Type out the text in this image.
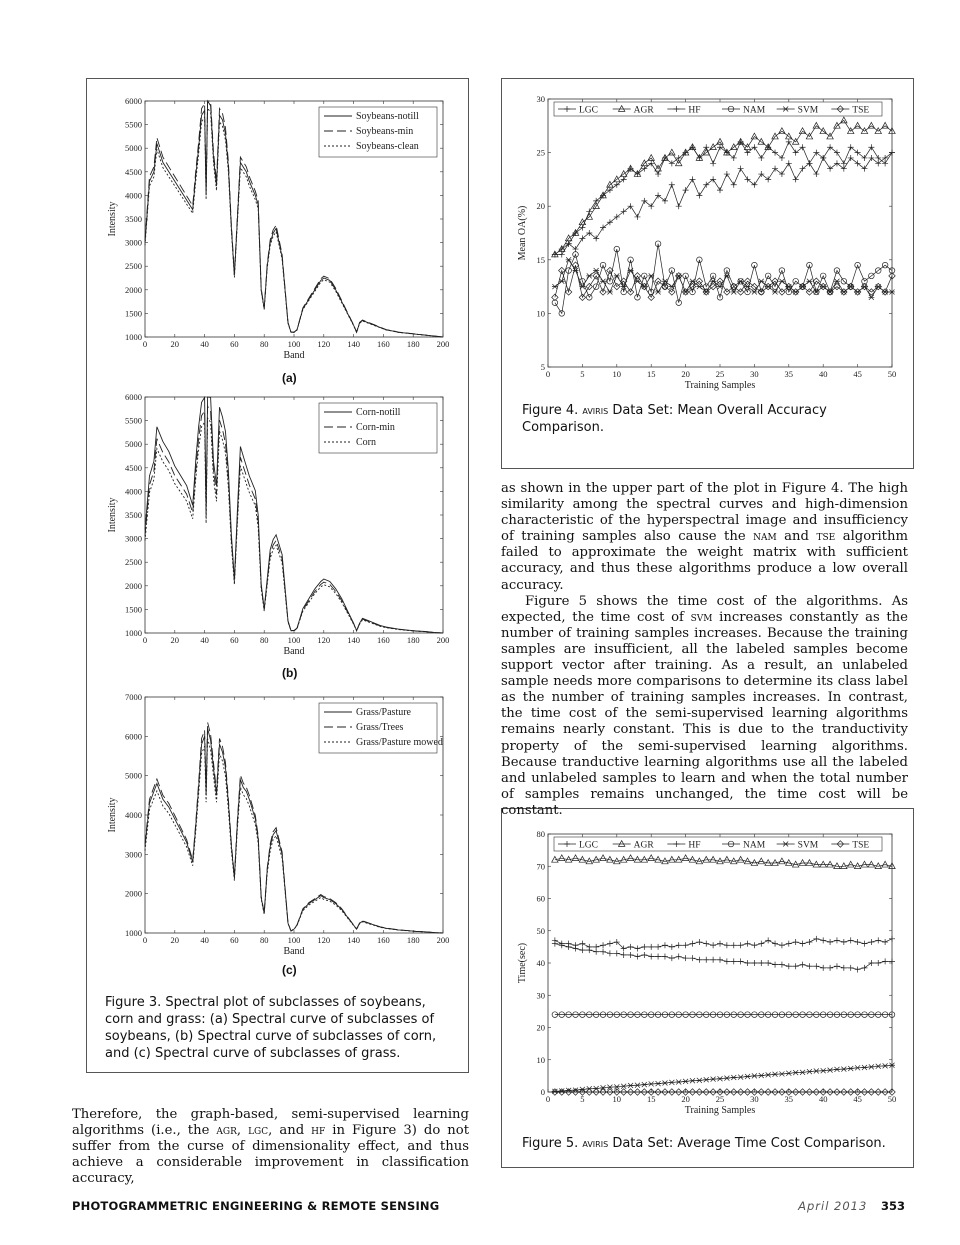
0	20	40	60	80 100 120 140 160 180 200
1000
1500
2000
2500
3000
3500
4000
4500
5000
5500
6000
Band
Intensity
Soybeans-notill
Soybeans-min
Soybeans-clean
(a)
0	20	40	60	80 100 120 140 160 180 200
1000
1500
2000
2500
3000
3500
4000
4500
5000
5500
6000
Band
Intensity
Corn-notill
Corn-min
Corn
(b)
0	20	40	60	80 100 120 140 160 180 200
1000
2000
3000
4000
5000
6000
7000
Band
Intensity
Grass/Pasture
Grass/Trees
Grass/Pasture mowed
(c)
Figure 3. Spectral plot of subclasses of soybeans, corn and grass: (a) Spectral curve of subclasses of soybeans, (b) Spectral curve of subclasses of corn, and (c) Spectral curve of subclasses of grass.
0	5	10	15	20	25	30	35	40	45	50
5
10
15
20
25
30
Training Samples
Mean OA(%)
LGC	AGR	HF	NAM	SVM	TSE
Figure 4. aviris Data Set: Mean Overall Accuracy Comparison.
0	5	10	15	20	25	30	35	40	45	50
0
10
20
30
40
50
60
70
80
Training Samples
Time(sec)
LGC	AGR	HF	NAM	SVM	TSE
Figure 5. aviris Data Set: Average Time Cost Comparison.

as shown in the upper part of the plot in Figure 4. The high similarity among the spectral curves and high-dimension characteristic of the hyperspectral image and insufficiency of training samples also cause the nam and tse algorithm failed to approximate the weight matrix with sufficient accuracy, and thus these algorithms produce a low overall accuracy.

Figure 5 shows the time cost of the algorithms. As expected, the time cost of svm increases constantly as the number of training samples increases. Because the training samples are insufficient, all the labeled samples become support vector after training. As a result, an unlabeled sample needs more comparisons to determine its class label as the number of training samples increases. In contrast, the time cost of the semi-supervised learning algorithms remains nearly constant. This is due to the tranductivity property of the semi-supervised learning algorithms. Because tranductive learning algorithms use all the labeled and unlabeled samples to learn and when the total number of samples remains unchanged, the time cost will be constant.

Therefore, the graph-based, semi-supervised learning algorithms (i.e., the agr, lgc, and hf in Figure 3) do not suffer from the curse of dimensionality effect, and thus achieve a considerable improvement in classification accuracy,

PHOTOGRAMMETRIC ENGINEERING & REMOTE SENSING	April 2013 353
